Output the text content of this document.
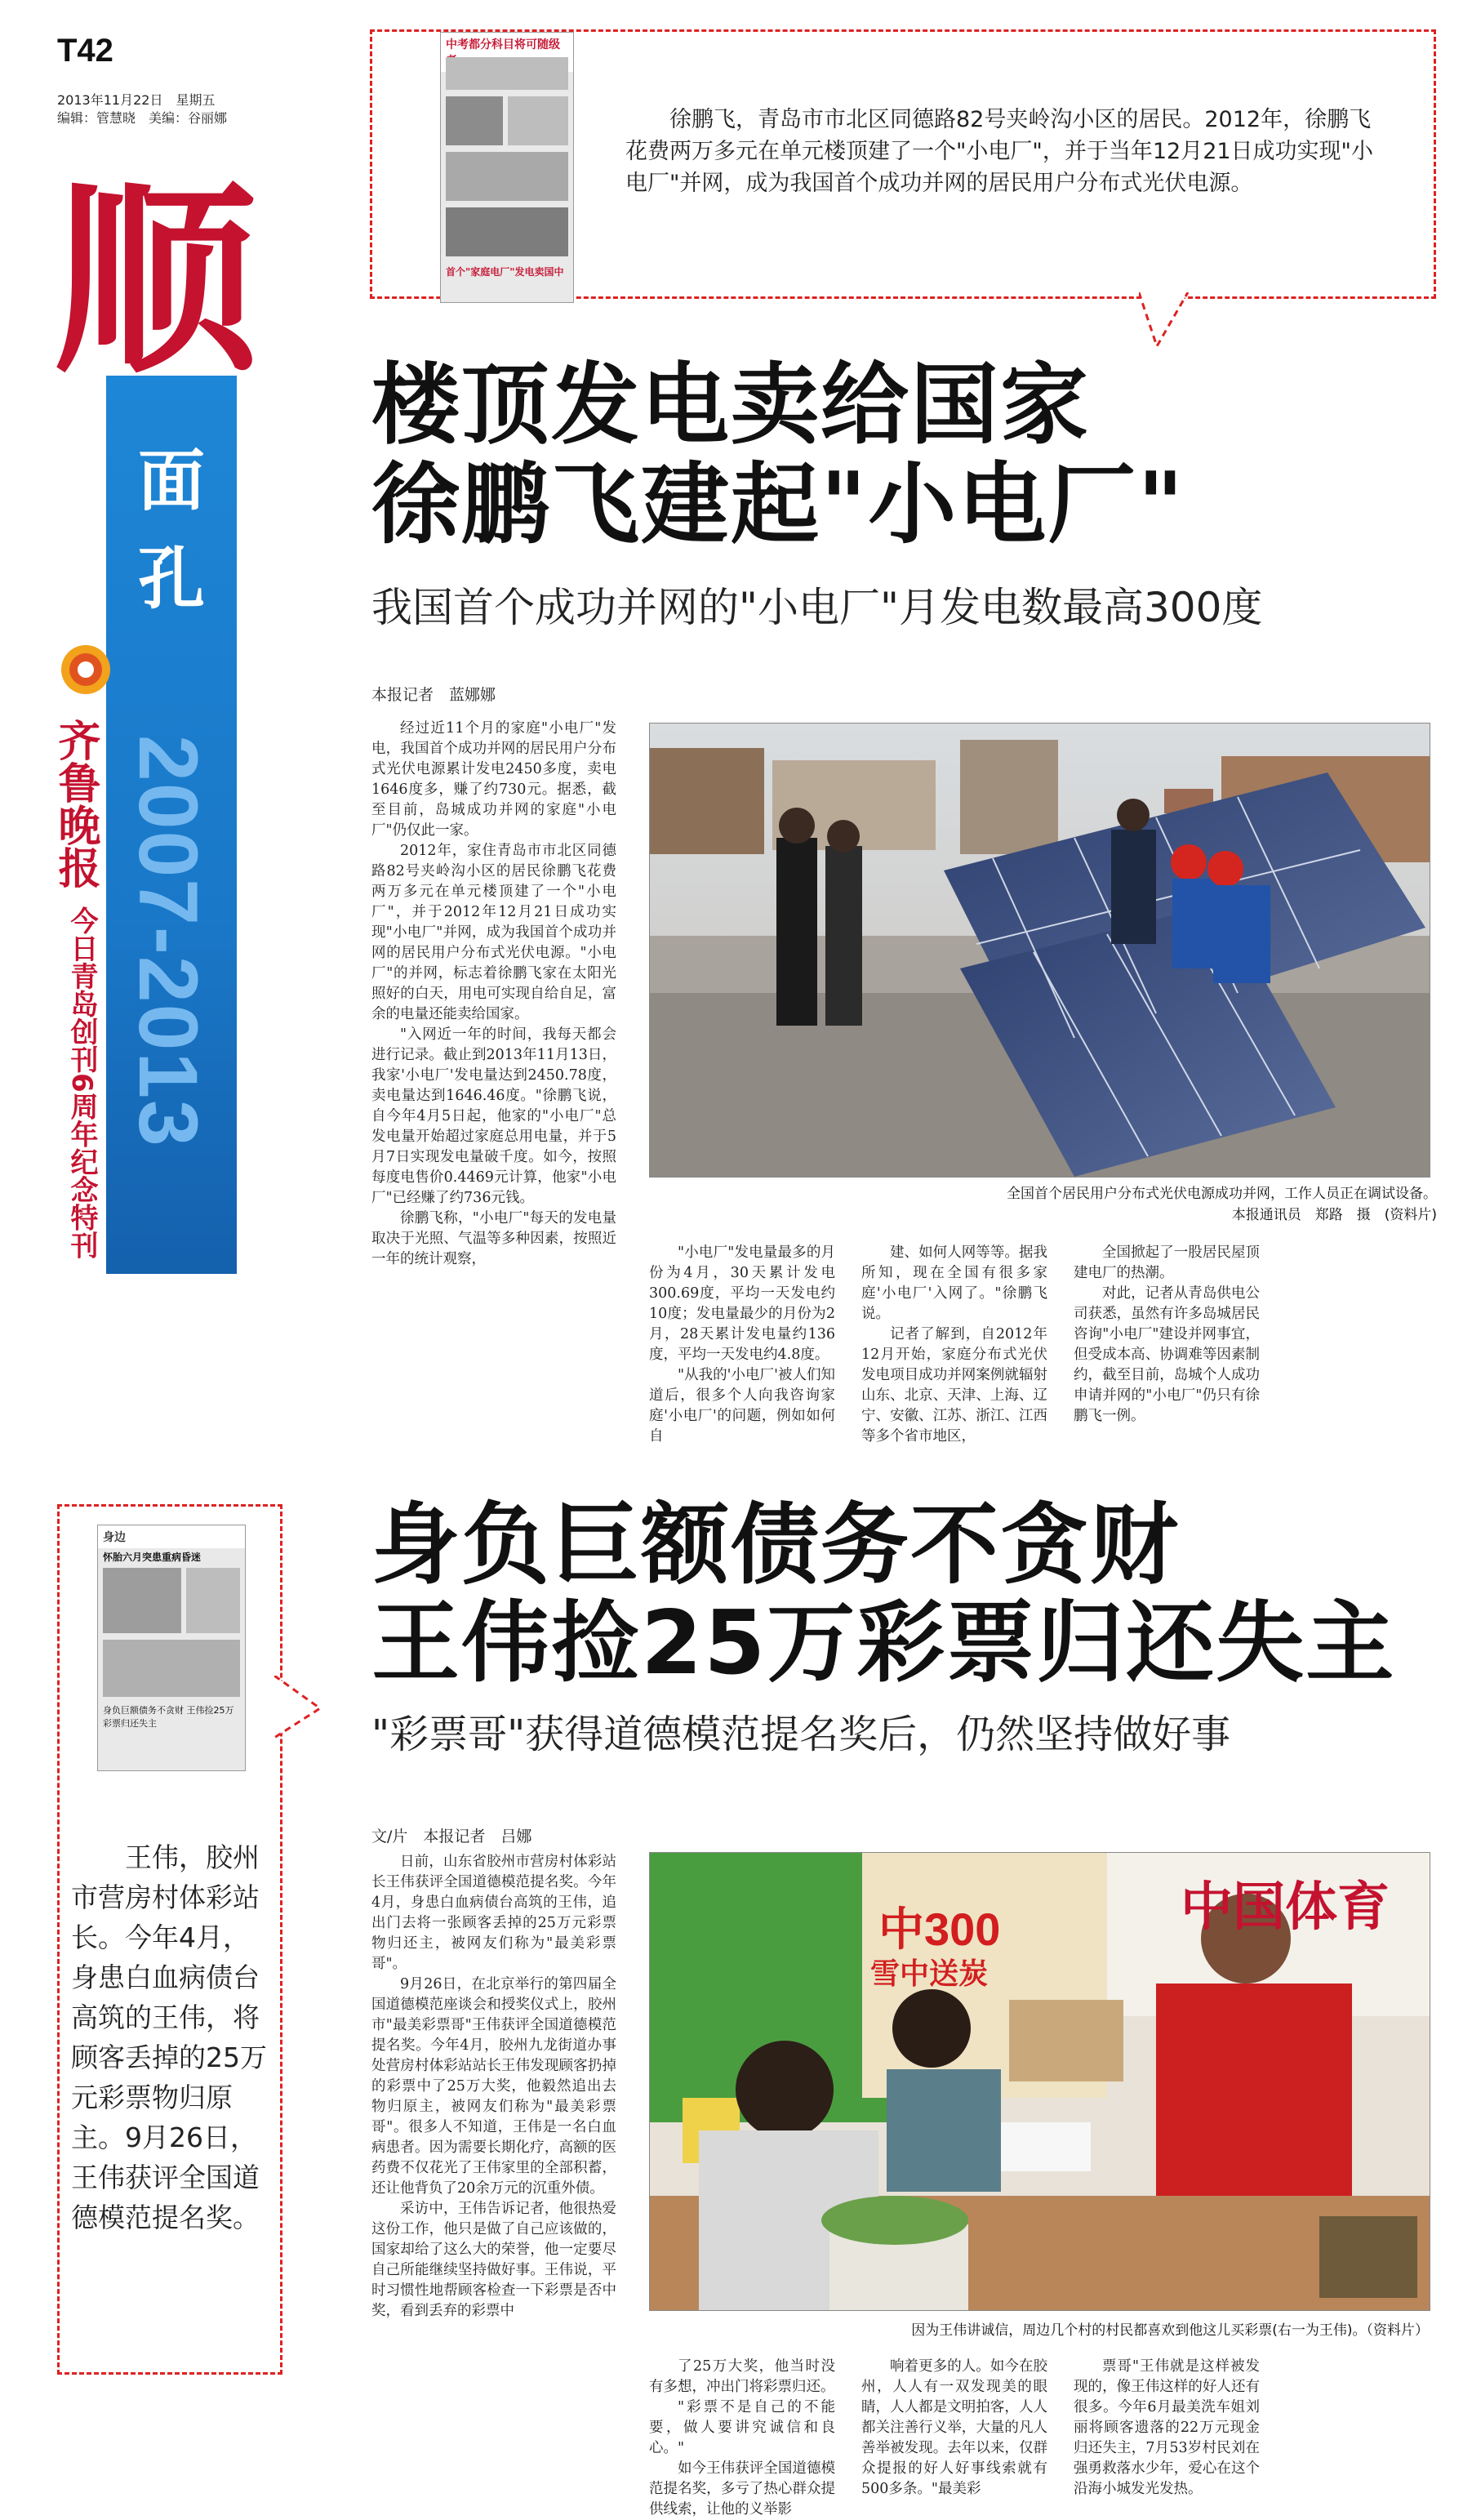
T42
2013年11月22日　星期五
编辑：管慧晓　美编：谷丽娜
面
孔
2007-2013
顺
齐鲁晚报
今日青岛创刊6周年纪念特刊
中考都分科目将可随级
首个"家庭电厂"发电卖国中
徐鹏飞，青岛市市北区同德路82号夹岭沟小区的居民。2012年，徐鹏飞花费两万多元在单元楼顶建了一个"小电厂"，并于当年12月21日成功实现"小电厂"并网，成为我国首个成功并网的居民用户分布式光伏电源。
楼顶发电卖给国家
徐鹏飞建起"小电厂"
我国首个成功并网的"小电厂"月发电数最高300度
本报记者　蓝娜娜

经过近11个月的家庭"小电厂"发电，我国首个成功并网的居民用户分布式光伏电源累计发电2450多度，卖电1646度多，赚了约730元。据悉，截至目前，岛城成功并网的家庭"小电厂"仍仅此一家。

2012年，家住青岛市市北区同德路82号夹岭沟小区的居民徐鹏飞花费两万多元在单元楼顶建了一个"小电厂"，并于2012年12月21日成功实现"小电厂"并网，成为我国首个成功并网的居民用户分布式光伏电源。"小电厂"的并网，标志着徐鹏飞家在太阳光照好的白天，用电可实现自给自足，富余的电量还能卖给国家。

"入网近一年的时间，我每天都会进行记录。截止到2013年11月13日，我家'小电厂'发电量达到2450.78度，卖电量达到1646.46度。"徐鹏飞说，自今年4月5日起，他家的"小电厂"总发电量开始超过家庭总用电量，并于5月7日实现发电量破千度。如今，按照每度电售价0.4469元计算，他家"小电厂"已经赚了约736元钱。

徐鹏飞称，"小电厂"每天的发电量取决于光照、气温等多种因素，按照近一年的统计观察，

全国首个居民用户分布式光伏电源成功并网，工作人员正在调试设备。
本报通讯员　郑路　摄　(资料片)

"小电厂"发电量最多的月份为4月，30天累计发电300.69度，平均一天发电约10度；发电量最少的月份为2月，28天累计发电量约136度，平均一天发电约4.8度。

"从我的'小电厂'被人们知道后，很多个人向我咨询家庭'小电厂'的问题，例如如何自

建、如何人网等等。据我所知，现在全国有很多家庭'小电厂'入网了。"徐鹏飞说。

记者了解到，自2012年12月开始，家庭分布式光伏发电项目成功并网案例就辐射山东、北京、天津、上海、辽宁、安徽、江苏、浙江、江西等多个省市地区，

全国掀起了一股居民屋顶建电厂的热潮。

对此，记者从青岛供电公司获悉，虽然有许多岛城居民咨询"小电厂"建设并网事宜，但受成本高、协调难等因素制约，截至目前，岛城个人成功申请并网的"小电厂"仍只有徐鹏飞一例。

身边
怀胎六月突患重病昏迷
身负巨额债务不贪财 王伟捡25万彩票归还失主
王伟，胶州市营房村体彩站长。今年4月，身患白血病债台高筑的王伟，将顾客丢掉的25万元彩票物归原主。9月26日，王伟获评全国道德模范提名奖。
身负巨额债务不贪财
王伟捡25万彩票归还失主
"彩票哥"获得道德模范提名奖后，仍然坚持做好事
文/片　本报记者　吕娜

日前，山东省胶州市营房村体彩站长王伟获评全国道德模范提名奖。今年4月，身患白血病债台高筑的王伟，追出门去将一张顾客丢掉的25万元彩票物归还主，被网友们称为"最美彩票哥"。

9月26日，在北京举行的第四届全国道德模范座谈会和授奖仪式上，胶州市"最美彩票哥"王伟获评全国道德模范提名奖。今年4月，胶州九龙街道办事处营房村体彩站站长王伟发现顾客扔掉的彩票中了25万大奖，他毅然追出去物归原主，被网友们称为"最美彩票哥"。很多人不知道，王伟是一名白血病患者。因为需要长期化疗，高额的医药费不仅花光了王伟家里的全部积蓄，还让他背负了20余万元的沉重外债。

采访中，王伟告诉记者，他很热爱这份工作，他只是做了自己应该做的，国家却给了这么大的荣誉，他一定要尽自己所能继续坚持做好事。王伟说，平时习惯性地帮顾客检查一下彩票是否中奖，看到丢弃的彩票中

中国体育
中300
雪中送炭
因为王伟讲诚信，周边几个村的村民都喜欢到他这儿买彩票(右一为王伟)。（资料片）

了25万大奖，他当时没有多想，冲出门将彩票归还。

"彩票不是自己的不能要，做人要讲究诚信和良心。"

如今王伟获评全国道德模范提名奖，多亏了热心群众提供线索，让他的义举影

响着更多的人。如今在胶州，人人有一双发现美的眼睛，人人都是文明拍客，人人都关注善行义举，大量的凡人善举被发现。去年以来，仅群众提报的好人好事线索就有500多条。"最美彩

票哥"王伟就是这样被发现的，像王伟这样的好人还有很多。今年6月最美洗车姐刘丽将顾客遗落的22万元现金归还失主，7月53岁村民刘在强勇救落水少年，爱心在这个沿海小城发光发热。
